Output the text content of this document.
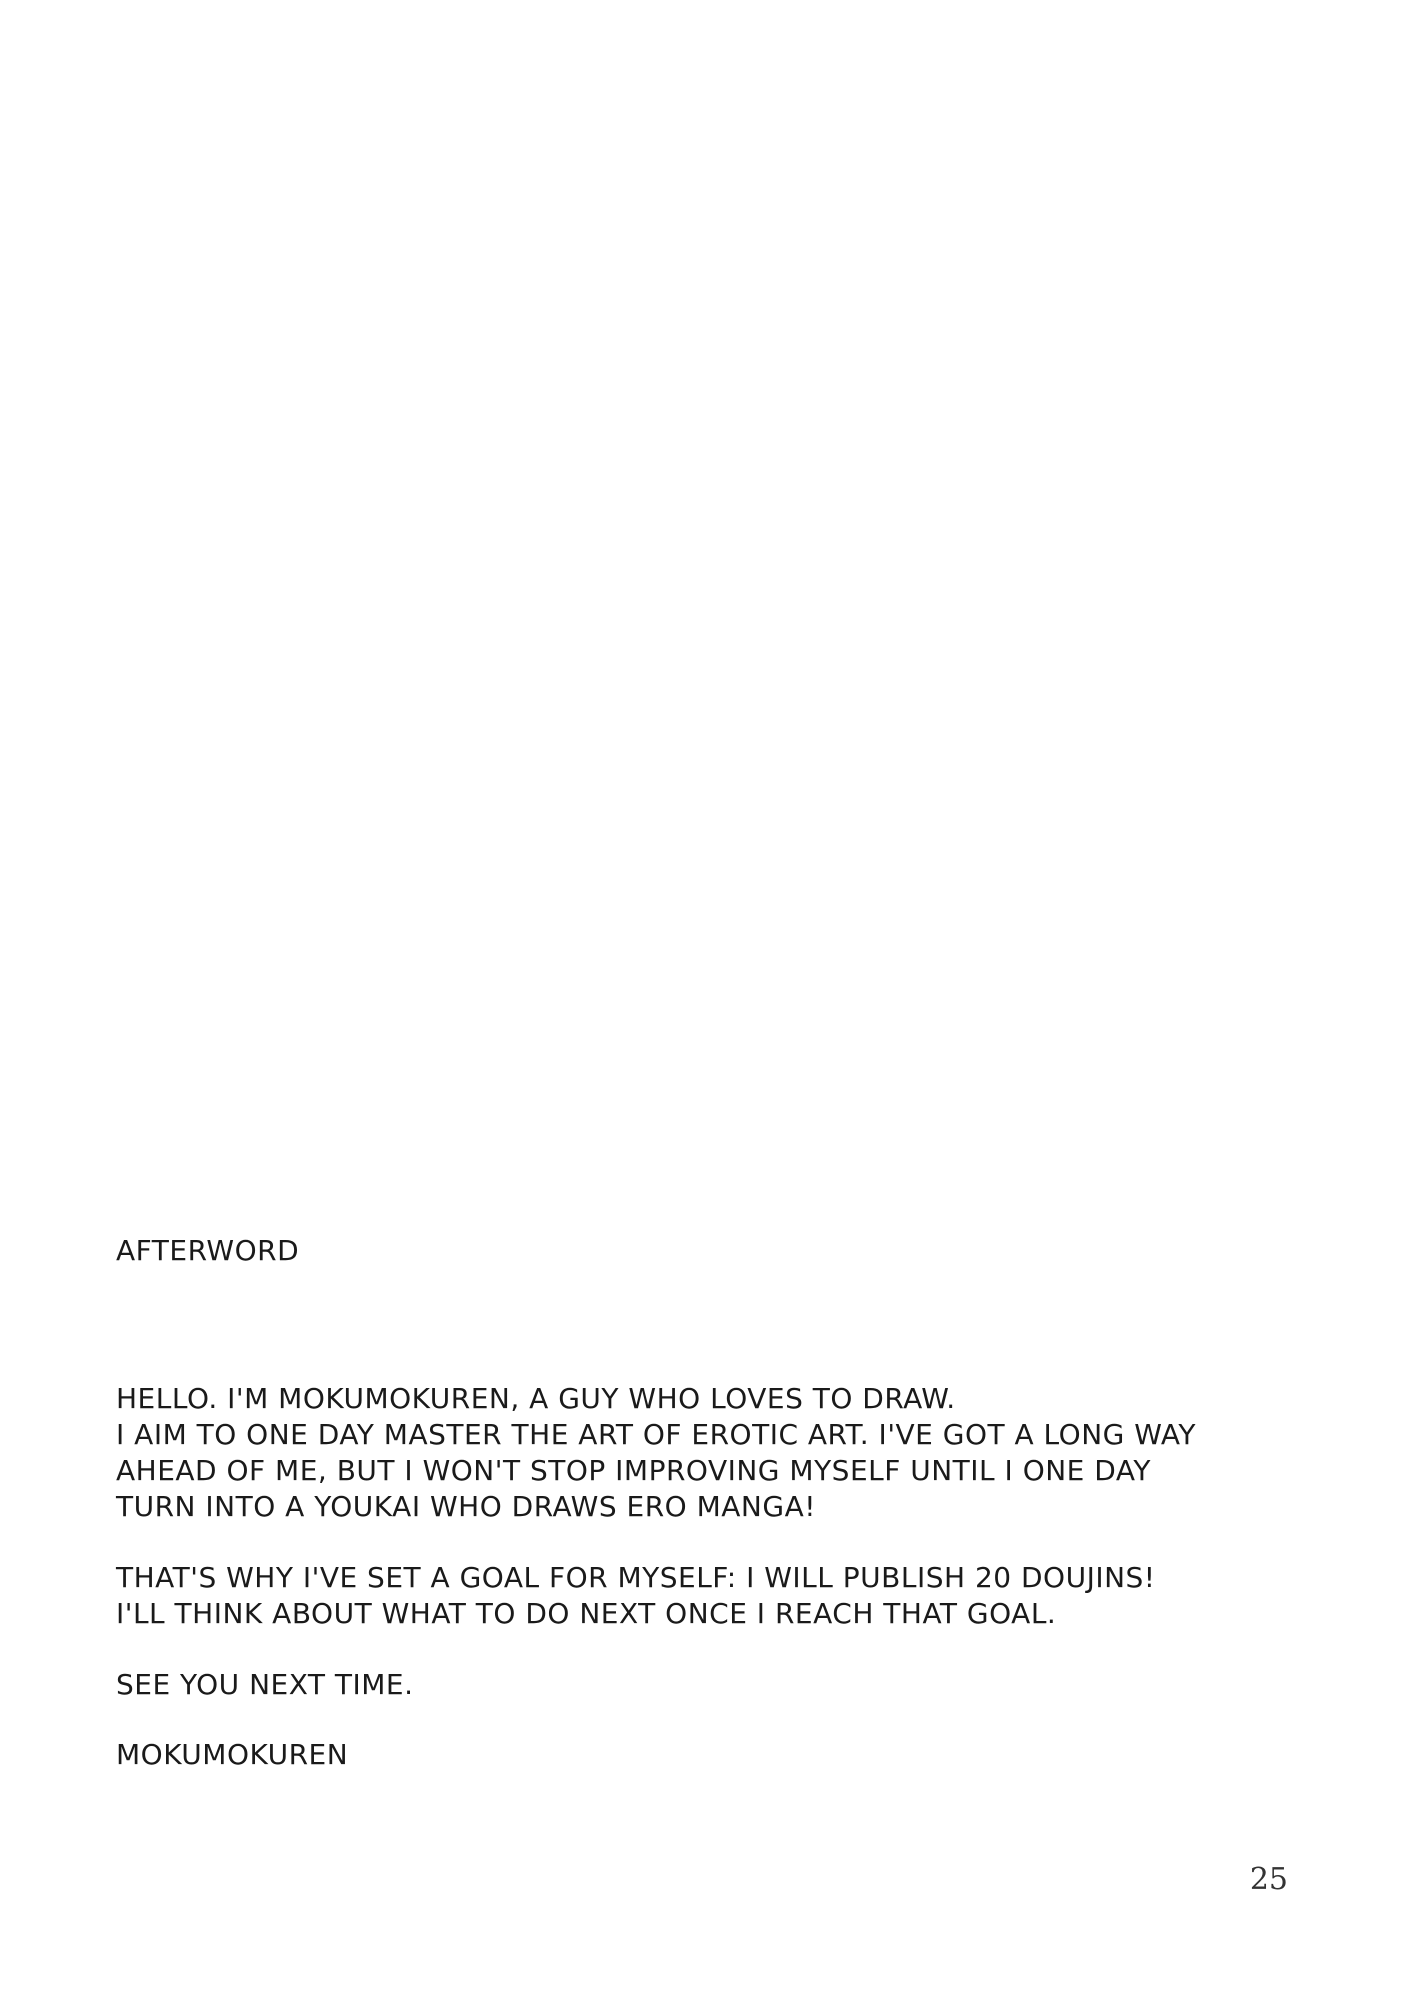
AFTERWORD
HELLO. I'M MOKUMOKUREN, A GUY WHO LOVES TO DRAW.
I AIM TO ONE DAY MASTER THE ART OF EROTIC ART. I'VE GOT A LONG WAY
AHEAD OF ME, BUT I WON'T STOP IMPROVING MYSELF UNTIL I ONE DAY
TURN INTO A YOUKAI WHO DRAWS ERO MANGA!
THAT'S WHY I'VE SET A GOAL FOR MYSELF: I WILL PUBLISH 20 DOUJINS!
I'LL THINK ABOUT WHAT TO DO NEXT ONCE I REACH THAT GOAL.
SEE YOU NEXT TIME.
MOKUMOKUREN
25
